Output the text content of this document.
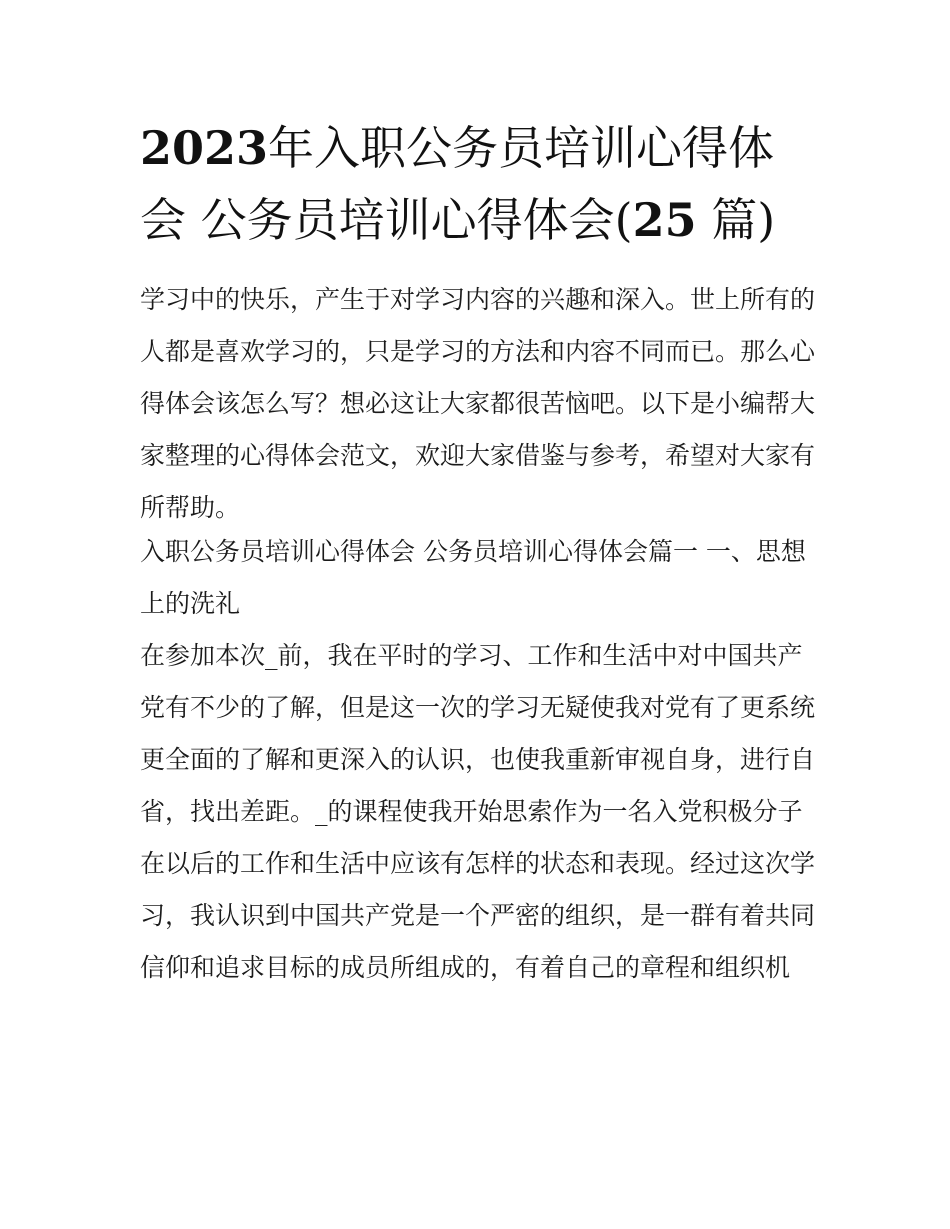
2023年入职公务员培训心得体
会 公务员培训心得体会(25 篇)
学习中的快乐，产生于对学习内容的兴趣和深入。世上所有的
人都是喜欢学习的，只是学习的方法和内容不同而已。那么心
得体会该怎么写？想必这让大家都很苦恼吧。以下是小编帮大
家整理的心得体会范文，欢迎大家借鉴与参考，希望对大家有
所帮助。
入职公务员培训心得体会 公务员培训心得体会篇一 一、思想
上的洗礼
在参加本次_前，我在平时的学习、工作和生活中对中国共产
党有不少的了解，但是这一次的学习无疑使我对党有了更系统
更全面的了解和更深入的认识，也使我重新审视自身，进行自
省，找出差距。_的课程使我开始思索作为一名入党积极分子
在以后的工作和生活中应该有怎样的状态和表现。经过这次学
习，我认识到中国共产党是一个严密的组织，是一群有着共同
信仰和追求目标的成员所组成的，有着自己的章程和组织机
